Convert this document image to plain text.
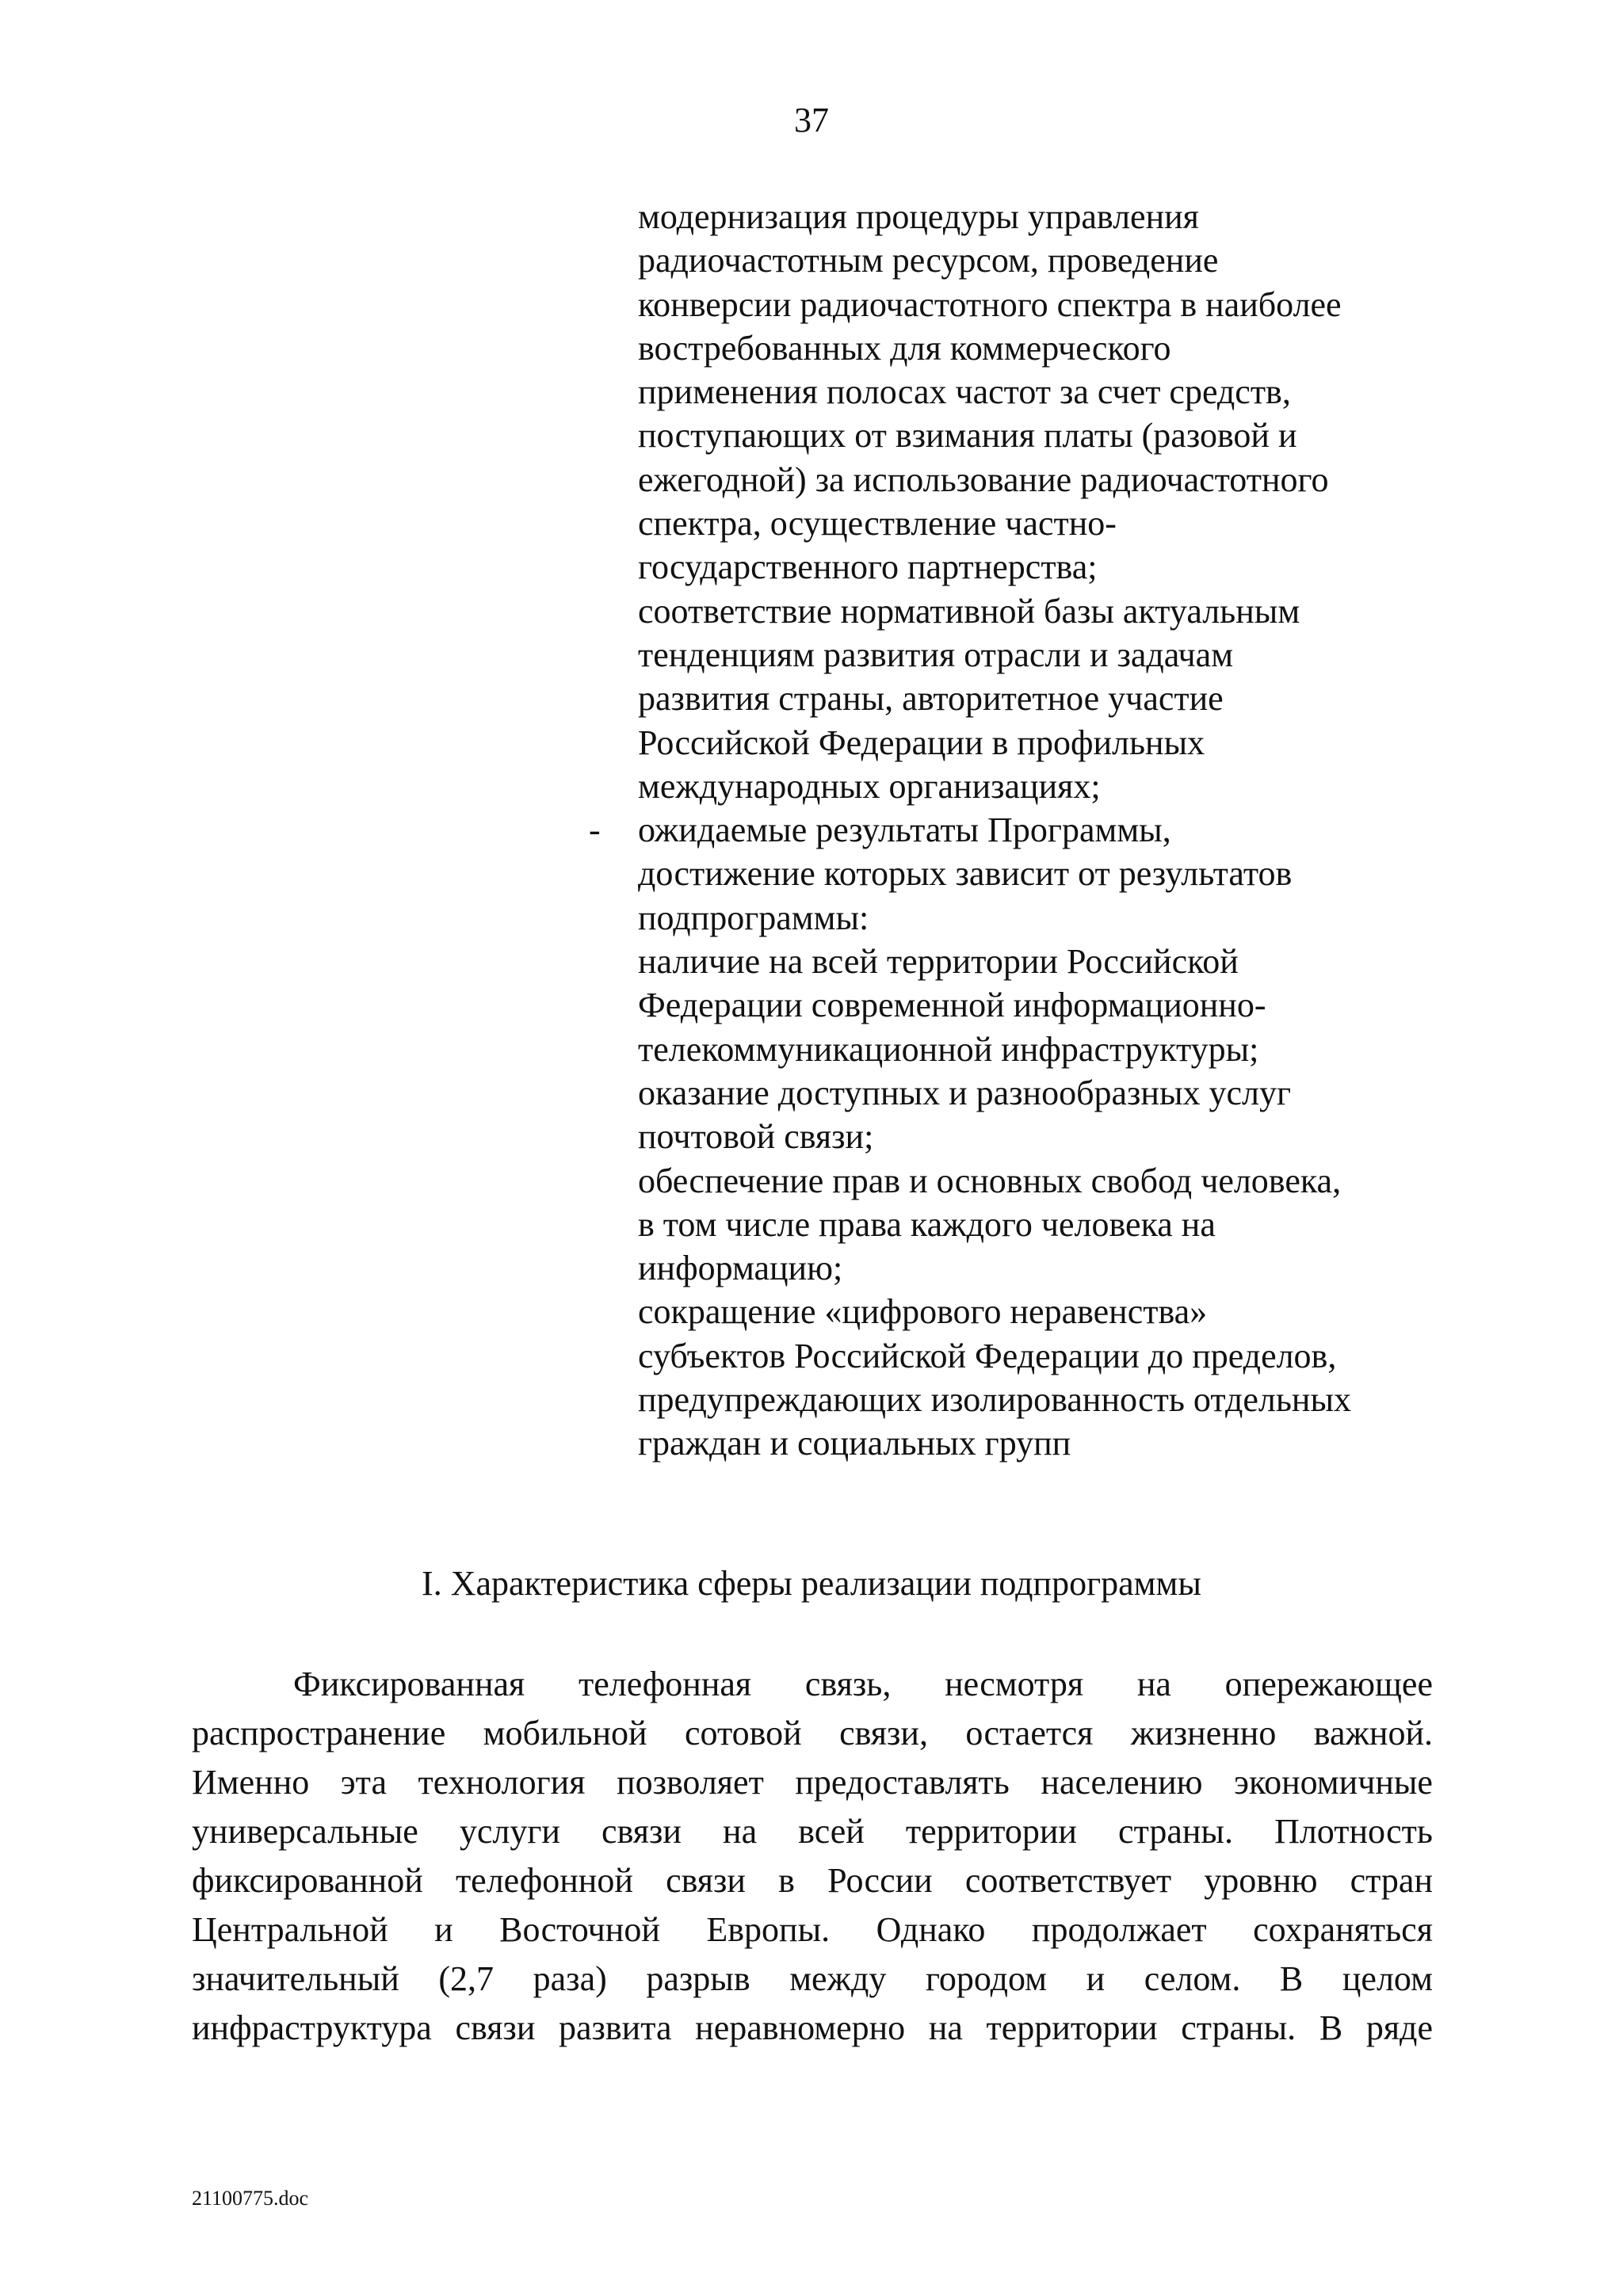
37
модернизация процедуры управления
радиочастотным ресурсом, проведение
конверсии радиочастотного спектра в наиболее
востребованных для коммерческого
применения полосах частот за счет средств,
поступающих от взимания платы (разовой и
ежегодной) за использование радиочастотного
спектра, осуществление частно-
государственного партнерства;
соответствие нормативной базы актуальным
тенденциям развития отрасли и задачам
развития страны, авторитетное участие
Российской Федерации в профильных
международных организациях;
- ожидаемые результаты Программы,
достижение которых зависит от результатов
подпрограммы:
наличие на всей территории Российской
Федерации современной информационно-
телекоммуникационной инфраструктуры;
оказание доступных и разнообразных услуг
почтовой связи;
обеспечение прав и основных свобод человека,
в том числе права каждого человека на
информацию;
сокращение «цифрового неравенства»
субъектов Российской Федерации до пределов,
предупреждающих изолированность отдельных
граждан и социальных групп
I. Характеристика сферы реализации подпрограммы
Фиксированная телефонная связь, несмотря на опережающее
распространение мобильной сотовой связи, остается жизненно важной.
Именно эта технология позволяет предоставлять населению экономичные
универсальные услуги связи на всей территории страны. Плотность
фиксированной телефонной связи в России соответствует уровню стран
Центральной и Восточной Европы. Однако продолжает сохраняться
значительный (2,7 раза) разрыв между городом и селом. В целом
инфраструктура связи развита неравномерно на территории страны. В ряде
21100775.doc
